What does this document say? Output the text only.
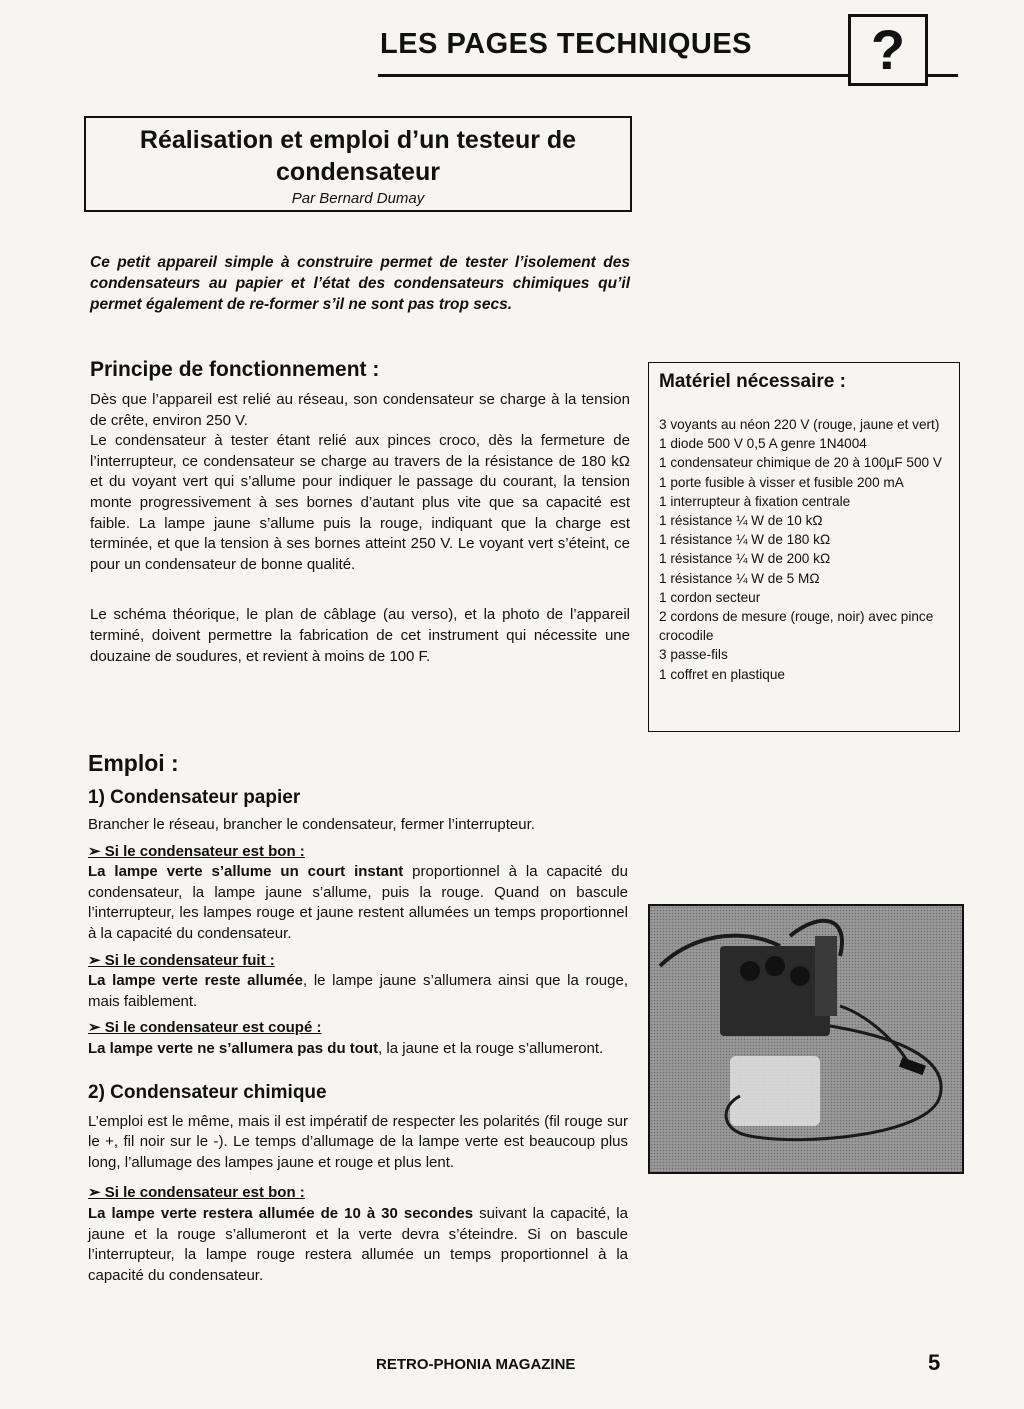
LES PAGES TECHNIQUES	?
Réalisation et emploi d’un testeur de
condensateur
Par Bernard Dumay
Ce petit appareil simple à construire permet de tester l’isolement des condensateurs au papier et l’état des condensateurs chimiques qu’il permet également de re-former s’il ne sont pas trop secs.
Principe de fonctionnement :

Dès que l’appareil est relié au réseau, son condensateur se charge à la tension de crête, environ 250 V.

Le condensateur à tester étant relié aux pinces croco, dès la fermeture de l’interrupteur, ce condensateur se charge au travers de la résistance de 180 kΩ et du voyant vert qui s’allume pour indiquer le passage du courant, la tension monte progressivement à ses bornes d’autant plus vite que sa capacité est faible. La lampe jaune s’allume puis la rouge, indiquant que la charge est terminée, et que la tension à ses bornes atteint 250 V. Le voyant vert s’éteint, ce pour un condensateur de bonne qualité.

Le schéma théorique, le plan de câblage (au verso), et la photo de l’appareil terminé, doivent permettre la fabrication de cet instrument qui nécessite une douzaine de soudures, et revient à moins de 100 F.

Matériel nécessaire :
3 voyants au néon 220 V (rouge, jaune et vert)
1 diode 500 V 0,5 A genre 1N4004
1 condensateur chimique de 20 à 100µF 500 V
1 porte fusible à visser et fusible 200 mA
1 interrupteur à fixation centrale
1 résistance ¼ W de 10 kΩ
1 résistance ¼ W de 180 kΩ
1 résistance ¼ W de 200 kΩ
1 résistance ¼ W de 5 MΩ
1 cordon secteur
2 cordons de mesure (rouge, noir) avec pince crocodile
3 passe-fils
1 coffret en plastique
Emploi :
1) Condensateur papier

Brancher le réseau, brancher le condensateur, fermer l’interrupteur.

➢ Si le condensateur est bon :

La lampe verte s’allume un court instant proportionnel à la capacité du condensateur, la lampe jaune s’allume, puis la rouge. Quand on bascule l’interrupteur, les lampes rouge et jaune restent allumées un temps proportionnel à la capacité du condensateur.

➢ Si le condensateur fuit :

La lampe verte reste allumée, le lampe jaune s’allumera ainsi que la rouge, mais faiblement.

➢ Si le condensateur est coupé :

La lampe verte ne s’allumera pas du tout, la jaune et la rouge s’allumeront.

2) Condensateur chimique

L’emploi est le même, mais il est impératif de respecter les polarités (fil rouge sur le +, fil noir sur le -). Le temps d’allumage de la lampe verte est beaucoup plus long, l’allumage des lampes jaune et rouge et plus lent.

➢ Si le condensateur est bon :

La lampe verte restera allumée de 10 à 30 secondes suivant la capacité, la jaune et la rouge s’allumeront et la verte devra s’éteindre. Si on bascule l’interrupteur, la lampe rouge restera allumée un temps proportionnel à la capacité du condensateur.

RETRO-PHONIA MAGAZINE	5
